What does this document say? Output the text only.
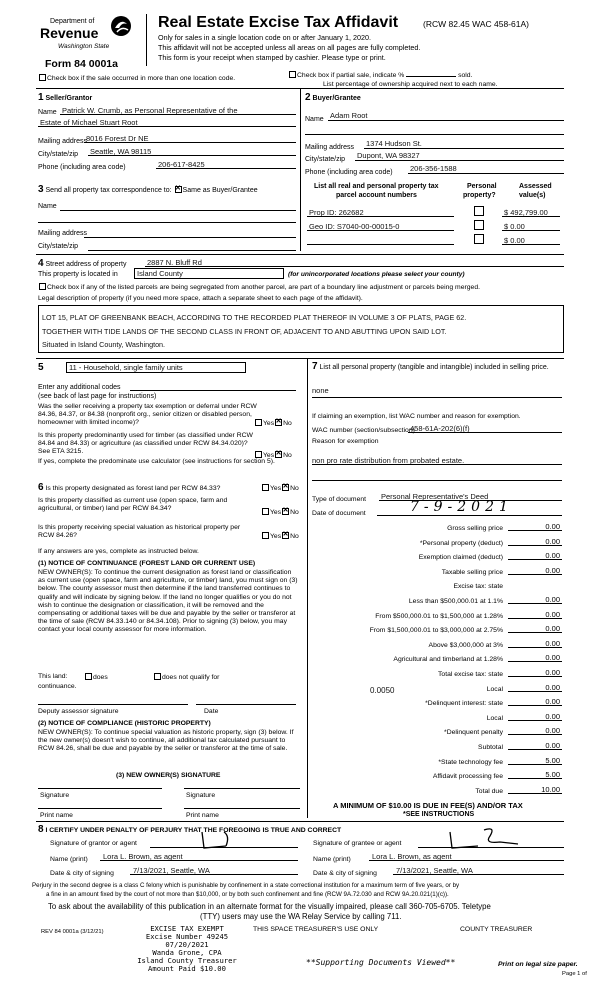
Department of
Revenue
Washington State
Form 84 0001a
Real Estate Excise Tax Affidavit	(RCW 82.45 WAC 458-61A)
Only for sales in a single location code on or after January 1, 2020.
This affidavit will not be accepted unless all areas on all pages are fully completed.
This form is your receipt when stamped by cashier. Please type or print.
Check box if the sale occurred in more than one location code.	Check box if partial sale, indicate %	sold.
List percentage of ownership acquired next to each name.
1 Seller/Grantor
Name Patrick W. Crumb, as Personal Representative of the
Estate of Michael Stuart Root
Mailing address
8016 Forest Dr NE
City/state/zip Seattle, WA 98115
Phone (including area code)	206-617-8425
2 Buyer/Grantee
Name Adam Root
Mailing address 1374 Hudson St.
City/state/zip Dupont, WA 98327
Phone (including area code) 206-356-1588
3 Send all property tax correspondence to: ✕ Same as Buyer/Grantee
Name
Mailing address
City/state/zip
List all real and personal property tax
parcel account numbers
Personal
property?
Assessed
value(s)
Prop ID: 262682	$ 492,799.00
Geo ID: S7040-00-00015-0	$ 0.00
$ 0.00
4 Street address of property	2887 N. Bluff Rd
This property is located in	Island County	(for unincorporated locations please select your county)
Check box if any of the listed parcels are being segregated from another parcel, are part of a boundary line adjustment or parcels being merged.
Legal description of property (if you need more space, attach a separate sheet to each page of the affidavit).
LOT 15, PLAT OF GREENBANK BEACH, ACCORDING TO THE RECORDED PLAT THEREOF IN VOLUME 3 OF PLATS, PAGE 62.
TOGETHER WITH TIDE LANDS OF THE SECOND CLASS IN FRONT OF, ADJACENT TO AND ABUTTING UPON SAID LOT.
Situated in Island County, Washington.
5	11 - Household, single family units
Enter any additional codes
(see back of last page for instructions)
Was the seller receiving a property tax exemption or deferral under RCW 84.36, 84.37, or 84.38 (nonprofit org., senior citizen or disabled person, homeowner with limited income)?	Yes ✕ No
Is this property predominantly used for timber (as classified under RCW 84.84 and 84.33) or agriculture (as classified under RCW 84.34.020)? See ETA 3215.
Yes ✕ No
If yes, complete the predominate use calculator (see instructions for section 5).
6 Is this property designated as forest land per RCW 84.33?	Yes ✕ No
Is this property classified as current use (open space, farm and agricultural, or timber) land per RCW 84.34?
Yes ✕ No
Is this property receiving special valuation as historical property per RCW 84.26?	Yes ✕ No
If any answers are yes, complete as instructed below.
(1) NOTICE OF CONTINUANCE (FOREST LAND OR CURRENT USE)
NEW OWNER(S): To continue the current designation as forest land or classification as current use (open space, farm and agriculture, or timber) land, you must sign on (3) below. The county assessor must then determine if the land transferred continues to qualify and will indicate by signing below. If the land no longer qualifies or you do not wish to continue the designation or classification, it will be removed and the compensating or additional taxes will be due and payable by the seller or transferor at the time of sale (RCW 84.33.140 or 84.34.108). Prior to signing (3) below, you may contact your local county assessor for more information.
This land:	does	does not qualify for
continuance.
Deputy assessor signature	Date
(2) NOTICE OF COMPLIANCE (HISTORIC PROPERTY)
NEW OWNER(S): To continue special valuation as historic property, sign (3) below. If the new owner(s) doesn't wish to continue, all additional tax calculated pursuant to RCW 84.26, shall be due and payable by the seller or transferor at the time of sale.
(3) NEW OWNER(S) SIGNATURE
Signature	Signature
Print name	Print name
7 List all personal property (tangible and intangible) included in selling price.
none
If claiming an exemption, list WAC number and reason for exemption.
WAC number (section/subsection)
458-61A-202(6)(f)
Reason for exemption
non pro rate distribution from probated estate.
Type of document Personal Representative's Deed
Date of document	7-9-2021
Gross selling price	0.00
*Personal property (deduct)	0.00
Exemption claimed (deduct)	0.00
Taxable selling price	0.00
Excise tax: state
Less than $500,000.01 at 1.1%	0.00
From $500,000.01 to $1,500,000 at 1.28%	0.00
From $1,500,000.01 to $3,000,000 at 2.75%	0.00
Above $3,000,000 at 3%	0.00
Agricultural and timberland at 1.28%	0.00
Total excise tax: state	0.00
Local	0.00
*Delinquent interest: state	0.00
Local	0.00
*Delinquent penalty	0.00
Subtotal	0.00
*State technology fee	5.00
Affidavit processing fee	5.00
Total due	10.00
0.0050
A MINIMUM OF $10.00 IS DUE IN FEE(S) AND/OR TAX
*SEE INSTRUCTIONS
8 I CERTIFY UNDER PENALTY OF PERJURY THAT THE FOREGOING IS TRUE AND CORRECT
Signature of grantor or agent	Signature of grantee or agent
Name (print) Lora L. Brown, as agent	Name (print)	Lora L. Brown, as agent
Date & city of signing	7/13/2021, Seattle, WA	Date & city of signing	7/13/2021, Seattle, WA
Perjury in the second degree is a class C felony which is punishable by confinement in a state correctional institution for a maximum term of five years, or by
a fine in an amount fixed by the court of not more than $10,000, or by both such confinement and fine (RCW 9A.72.030 and RCW 9A.20.021(1)(c)).
To ask about the availability of this publication in an alternate format for the visually impaired, please call 360-705-6705. Teletype
(TTY) users may use the WA Relay Service by calling 711.
REV 84 0001a (3/12/21)	EXCISE TAX EXEMPT
Excise Number 49245
07/20/2021
Wanda Grone, CPA
Island County Treasurer
Amount Paid $10.00
THIS SPACE TREASURER'S USE ONLY	COUNTY TREASURER
**Supporting Documents Viewed**	Print on legal size paper.
Page 1 of
